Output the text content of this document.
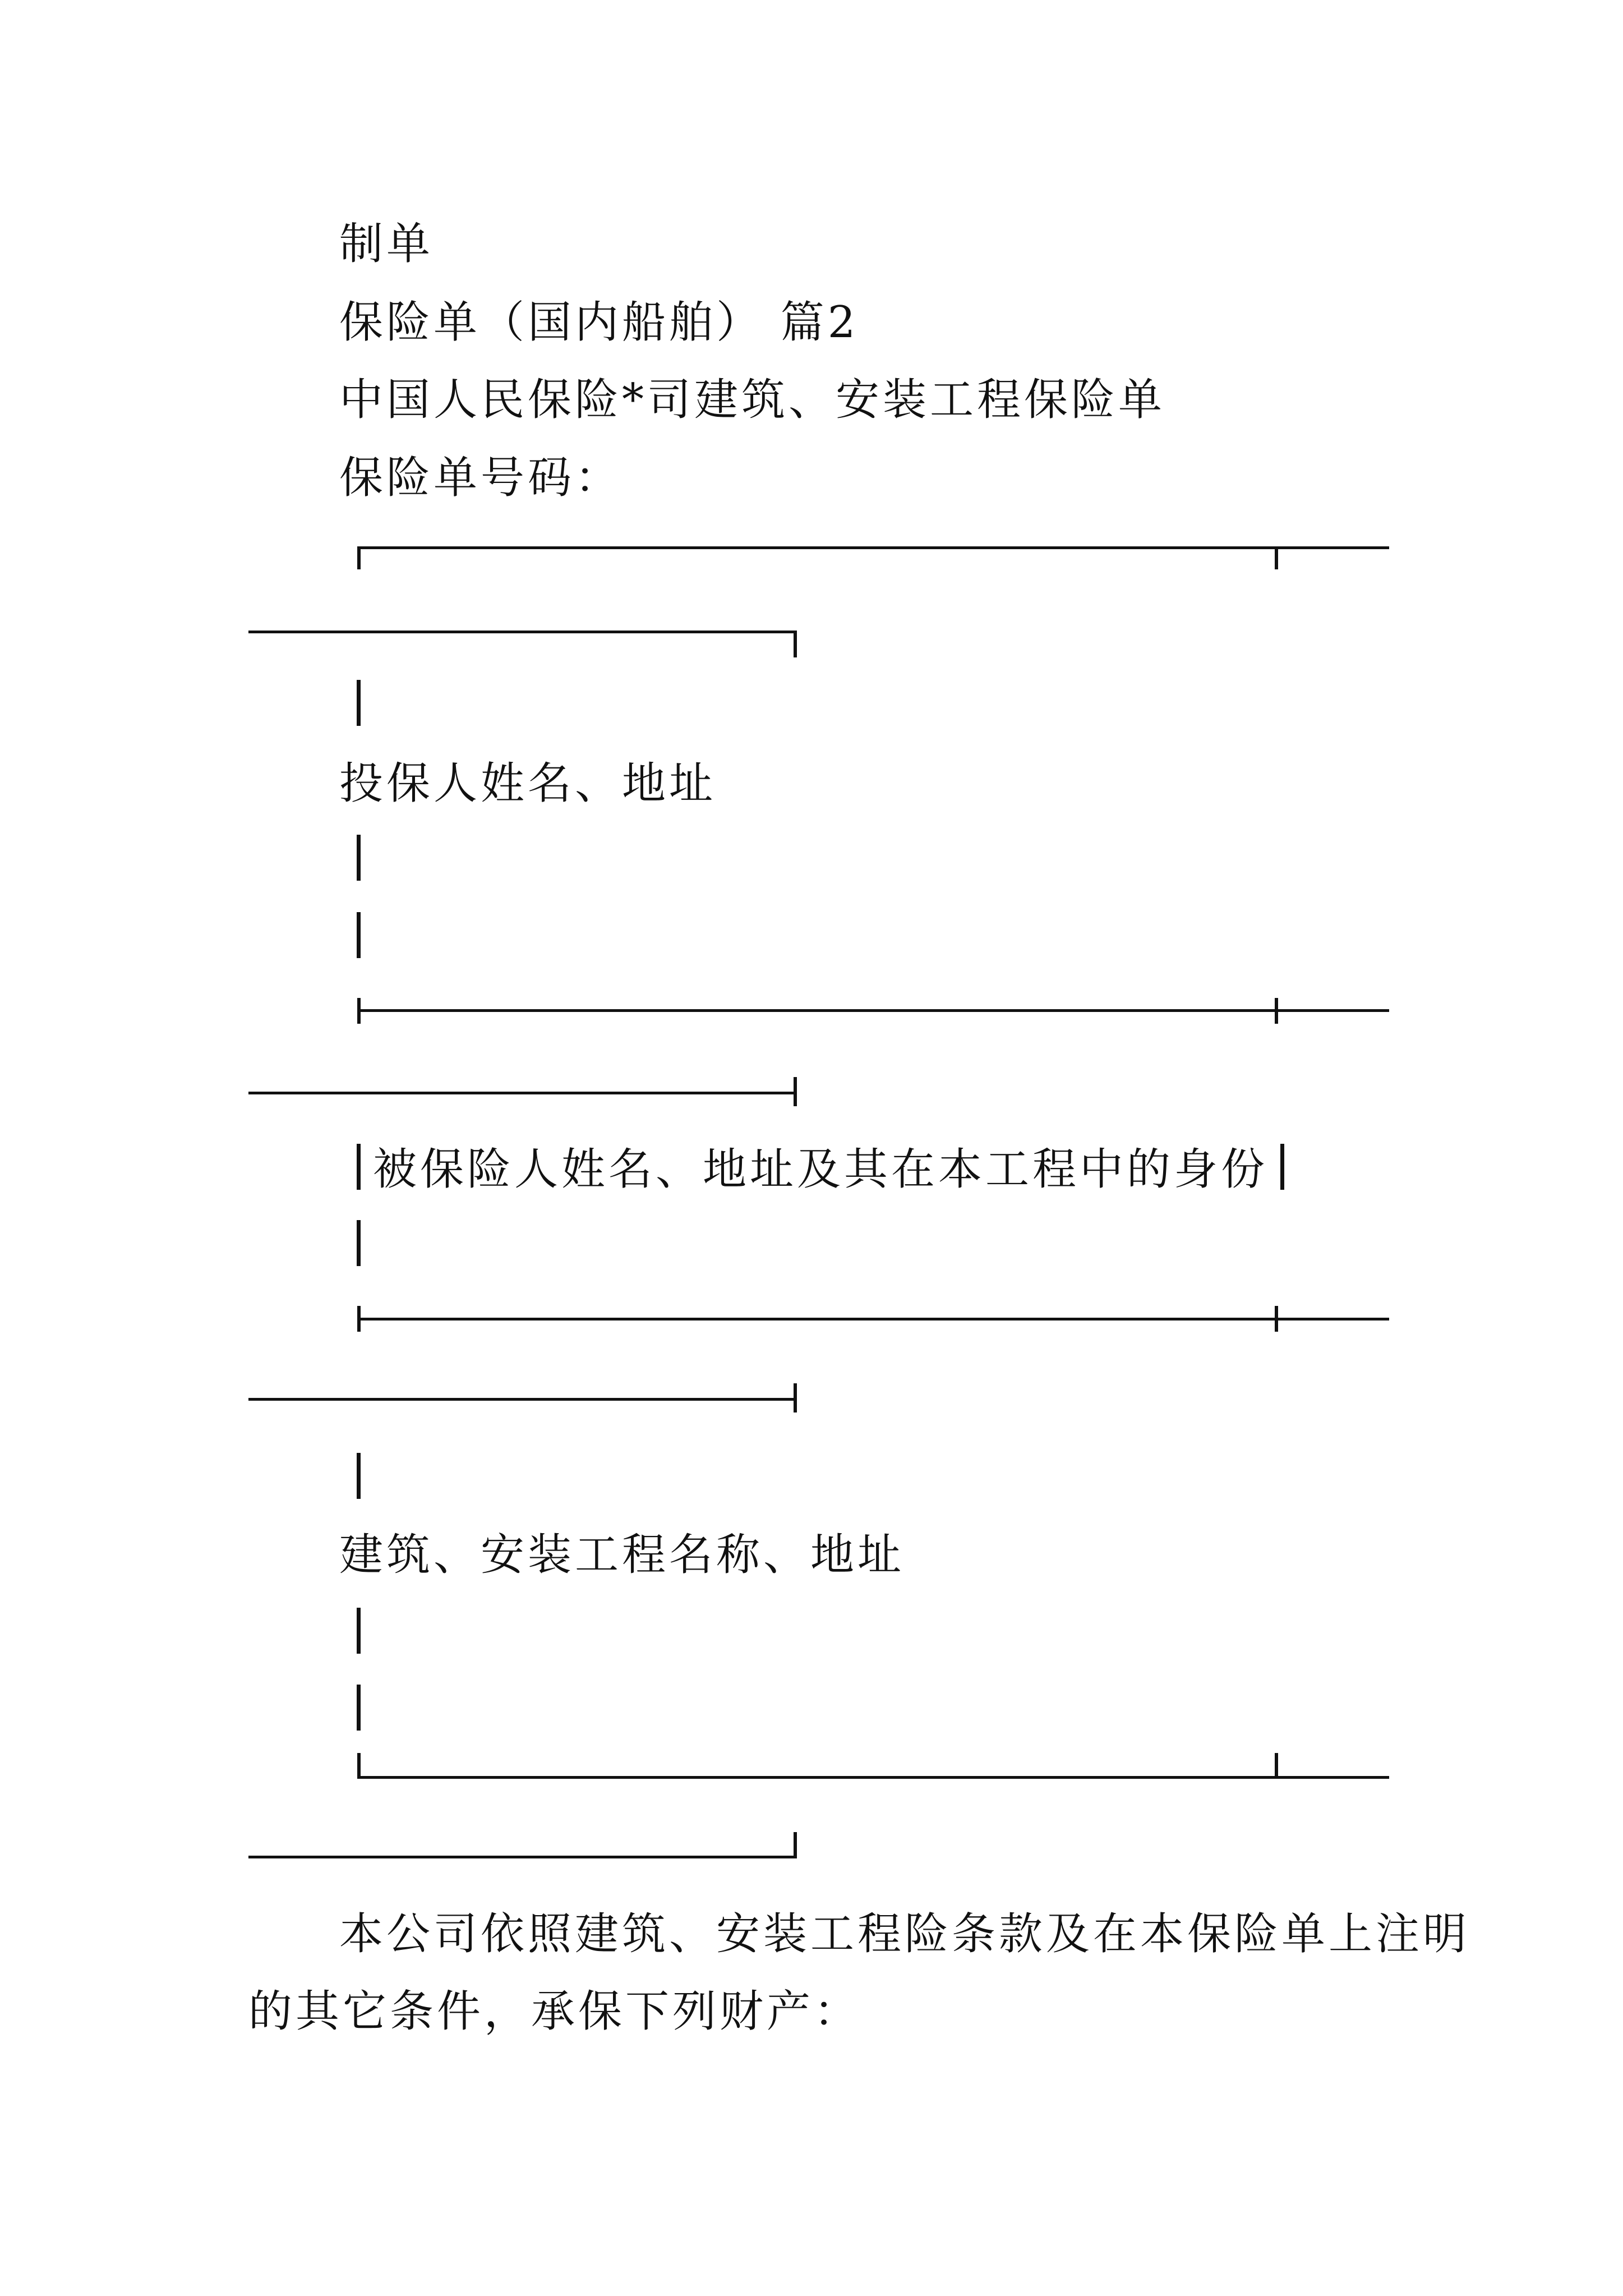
制单
保险单（国内船舶） 篇2
中国人民保险*司建筑、安装工程保险单
保险单号码：
投保人姓名、地址
被保险人姓名、地址及其在本工程中的身份
建筑、安装工程名称、地址
本公司依照建筑、安装工程险条款及在本保险单上注明
的其它条件，承保下列财产：
